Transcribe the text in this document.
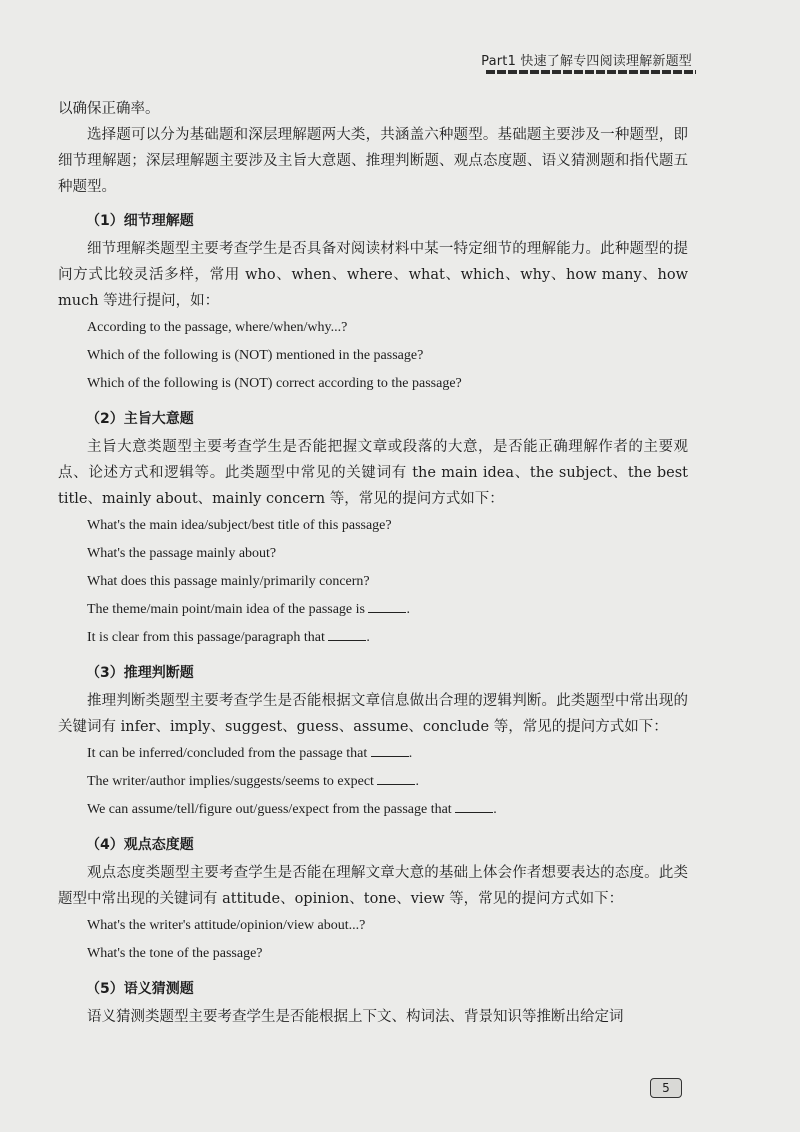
Part1 快速了解专四阅读理解新题型

以确保正确率。

选择题可以分为基础题和深层理解题两大类，共涵盖六种题型。基础题主要涉及一种题型，即细节理解题；深层理解题主要涉及主旨大意题、推理判断题、观点态度题、语义猜测题和指代题五种题型。

（1）细节理解题

细节理解类题型主要考查学生是否具备对阅读材料中某一特定细节的理解能力。此种题型的提问方式比较灵活多样，常用 who、when、where、what、which、why、how many、how much 等进行提问，如：

According to the passage, where/when/why...?

Which of the following is (NOT) mentioned in the passage?

Which of the following is (NOT) correct according to the passage?

（2）主旨大意题

主旨大意类题型主要考查学生是否能把握文章或段落的大意，是否能正确理解作者的主要观点、论述方式和逻辑等。此类题型中常见的关键词有 the main idea、the subject、the best title、mainly about、mainly concern 等，常见的提问方式如下：

What's the main idea/subject/best title of this passage?

What's the passage mainly about?

What does this passage mainly/primarily concern?

The theme/main point/main idea of the passage is	.

It is clear from this passage/paragraph that	.

（3）推理判断题

推理判断类题型主要考查学生是否能根据文章信息做出合理的逻辑判断。此类题型中常出现的关键词有 infer、imply、suggest、guess、assume、conclude 等，常见的提问方式如下：

It can be inferred/concluded from the passage that	.

The writer/author implies/suggests/seems to expect	.

We can assume/tell/figure out/guess/expect from the passage that	.

（4）观点态度题

观点态度类题型主要考查学生是否能在理解文章大意的基础上体会作者想要表达的态度。此类题型中常出现的关键词有 attitude、opinion、tone、view 等，常见的提问方式如下：

What's the writer's attitude/opinion/view about...?

What's the tone of the passage?

（5）语义猜测题

语义猜测类题型主要考查学生是否能根据上下文、构词法、背景知识等推断出给定词

5
